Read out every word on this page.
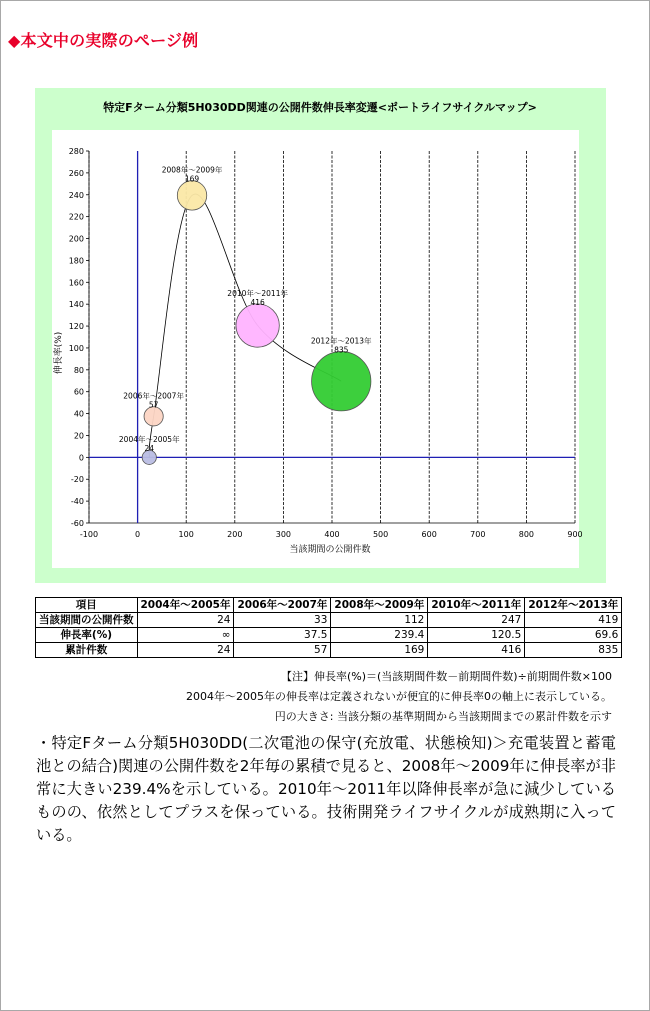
◆本文中の実際のページ例
特定Fターム分類5H030DD関連の公開件数伸長率変遷<ポートライフサイクルマップ>
-100	0	100	200	300	400	500	600	700	800	900
-60
-40
-20
0
20
40
60
80
100
120
140
160
180
200
220
240
260
280
2004年～2005年
24
2006年～2007年
57
2008年～2009年
169
2010年～2011年
416
2012年～2013年
835
当該期間の公開件数
伸長率(%)
項目	2004年～2005年	2006年～2007年	2008年～2009年	2010年～2011年	2012年～2013年
当該期間の公開件数	24	33	112	247	419
伸長率(%)	∞	37.5	239.4	120.5	69.6
累計件数	24	57	169	416	835
【注】伸長率(%)＝(当該期間件数－前期間件数)÷前期間件数×100
2004年～2005年の伸長率は定義されないが便宜的に伸長率0の軸上に表示している。
円の大きさ: 当該分類の基準期間から当該期間までの累計件数を示す
・特定Fターム分類5H030DD(二次電池の保守(充放電、状態検知)＞充電装置と蓄電池との結合)関連の公開件数を2年毎の累積で見ると、2008年～2009年に伸長率が非常に大きい239.4%を示している。2010年～2011年以降伸長率が急に減少しているものの、依然としてプラスを保っている。技術開発ライフサイクルが成熟期に入っている。
